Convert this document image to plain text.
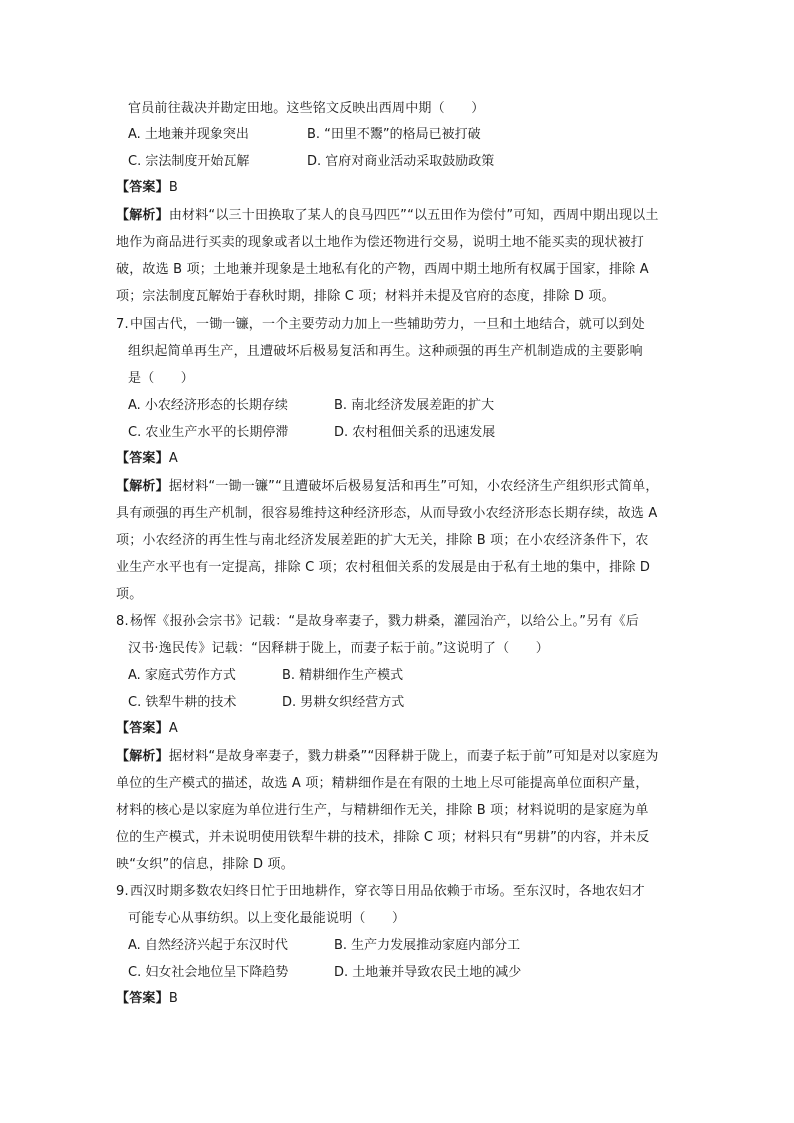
官员前往裁决并勘定田地。这些铭文反映出西周中期（　　）
A. 土地兼并现象突出	B. “田里不鬻”的格局已被打破
C. 宗法制度开始瓦解	D. 官府对商业活动采取鼓励政策
【答案】B
【解析】由材料“以三十田换取了某人的良马四匹”“以五田作为偿付”可知，西周中期出现以土
地作为商品进行买卖的现象或者以土地作为偿还物进行交易，说明土地不能买卖的现状被打
破，故选 B 项；土地兼并现象是土地私有化的产物，西周中期土地所有权属于国家，排除 A
项；宗法制度瓦解始于春秋时期，排除 C 项；材料并未提及官府的态度，排除 D 项。
7. 中国古代，一锄一镰，一个主要劳动力加上一些辅助劳力，一旦和土地结合，就可以到处
组织起简单再生产，且遭破坏后极易复活和再生。这种顽强的再生产机制造成的主要影响
是（　　）
A. 小农经济形态的长期存续	B. 南北经济发展差距的扩大
C. 农业生产水平的长期停滞	D. 农村租佃关系的迅速发展
【答案】A
【解析】据材料“一锄一镰”“且遭破坏后极易复活和再生”可知，小农经济生产组织形式简单，
具有顽强的再生产机制，很容易维持这种经济形态，从而导致小农经济形态长期存续，故选 A
项；小农经济的再生性与南北经济发展差距的扩大无关，排除 B 项；在小农经济条件下，农
业生产水平也有一定提高，排除 C 项；农村租佃关系的发展是由于私有土地的集中，排除 D
项。
8. 杨恽《报孙会宗书》记载：“是故身率妻子，戮力耕桑，灌园治产，以给公上。”另有《后
汉书·逸民传》记载：“因释耕于陇上，而妻子耘于前。”这说明了（　　）
A. 家庭式劳作方式	B. 精耕细作生产模式
C. 铁犁牛耕的技术	D. 男耕女织经营方式
【答案】A
【解析】据材料“是故身率妻子，戮力耕桑”“因释耕于陇上，而妻子耘于前”可知是对以家庭为
单位的生产模式的描述，故选 A 项；精耕细作是在有限的土地上尽可能提高单位面积产量，
材料的核心是以家庭为单位进行生产，与精耕细作无关，排除 B 项；材料说明的是家庭为单
位的生产模式，并未说明使用铁犁牛耕的技术，排除 C 项；材料只有“男耕”的内容，并未反
映“女织”的信息，排除 D 项。
9. 西汉时期多数农妇终日忙于田地耕作，穿衣等日用品依赖于市场。至东汉时，各地农妇才
可能专心从事纺织。以上变化最能说明（　　）
A. 自然经济兴起于东汉时代	B. 生产力发展推动家庭内部分工
C. 妇女社会地位呈下降趋势	D. 土地兼并导致农民土地的减少
【答案】B
